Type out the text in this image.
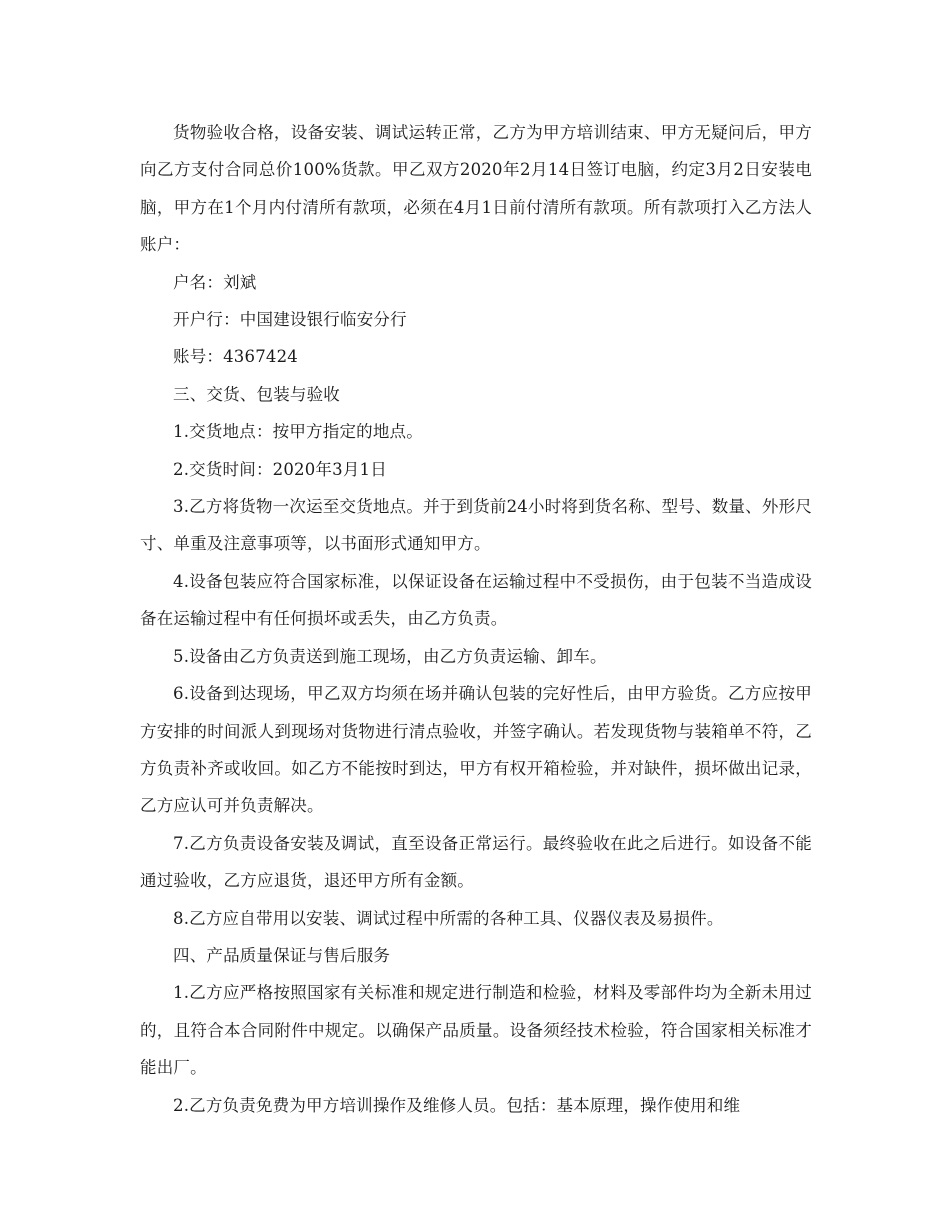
货物验收合格，设备安装、调试运转正常，乙方为甲方培训结束、甲方无疑问后，甲方向乙方支付合同总价100%货款。甲乙双方2020年2月14日签订电脑，约定3月2日安装电脑，甲方在1个月内付清所有款项，必须在4月1日前付清所有款项。所有款项打入乙方法人账户：

户名：刘斌

开户行：中国建设银行临安分行

账号：4367424

三、交货、包装与验收

1.交货地点：按甲方指定的地点。

2.交货时间：2020年3月1日

3.乙方将货物一次运至交货地点。并于到货前24小时将到货名称、型号、数量、外形尺寸、单重及注意事项等，以书面形式通知甲方。

4.设备包装应符合国家标准，以保证设备在运输过程中不受损伤，由于包装不当造成设备在运输过程中有任何损坏或丢失，由乙方负责。

5.设备由乙方负责送到施工现场，由乙方负责运输、卸车。

6.设备到达现场，甲乙双方均须在场并确认包装的完好性后，由甲方验货。乙方应按甲方安排的时间派人到现场对货物进行清点验收，并签字确认。若发现货物与装箱单不符，乙方负责补齐或收回。如乙方不能按时到达，甲方有权开箱检验，并对缺件，损坏做出记录，乙方应认可并负责解决。

7.乙方负责设备安装及调试，直至设备正常运行。最终验收在此之后进行。如设备不能通过验收，乙方应退货，退还甲方所有金额。

8.乙方应自带用以安装、调试过程中所需的各种工具、仪器仪表及易损件。

四、产品质量保证与售后服务

1.乙方应严格按照国家有关标准和规定进行制造和检验，材料及零部件均为全新未用过的，且符合本合同附件中规定。以确保产品质量。设备须经技术检验，符合国家相关标准才能出厂。

2.乙方负责免费为甲方培训操作及维修人员。包括：基本原理，操作使用和维
